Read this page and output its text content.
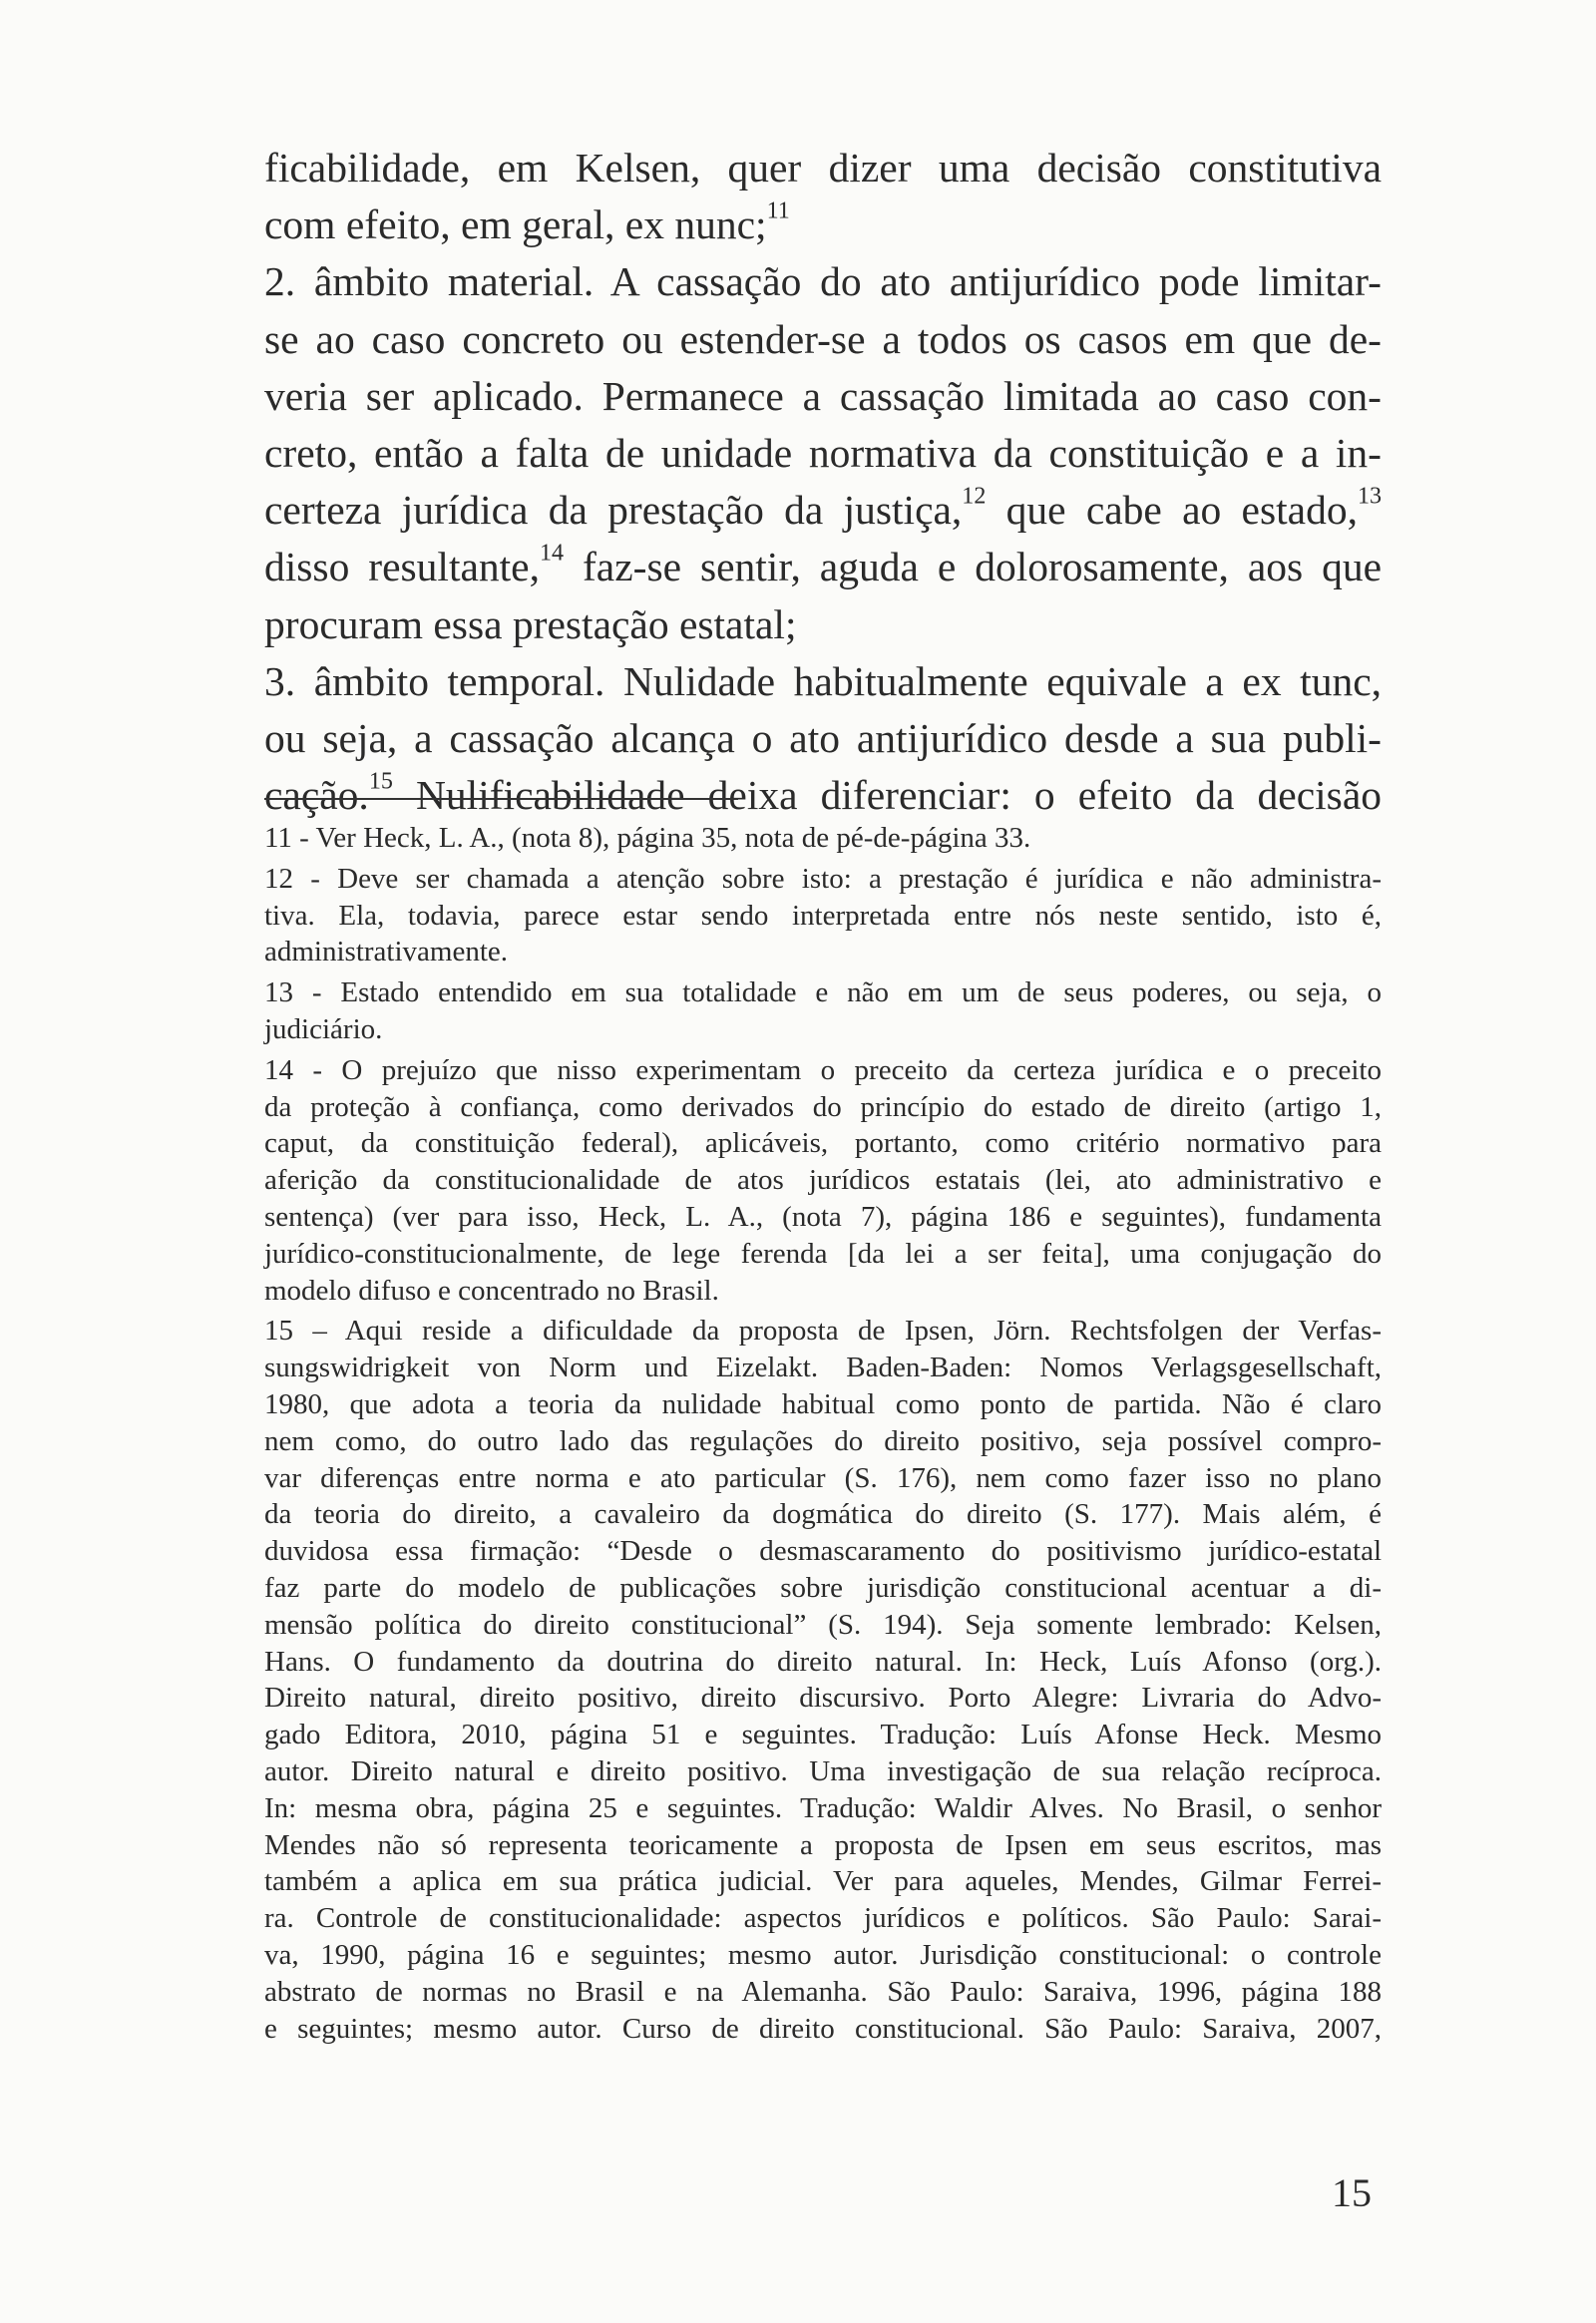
ficabilidade, em Kelsen, quer dizer uma decisão constitutiva
com efeito, em geral, ex nunc;$^{11}$
2. âmbito material. A cassação do ato antijurídico pode limitar-
se ao caso concreto ou estender-se a todos os casos em que de-
veria ser aplicado. Permanece a cassação limitada ao caso con-
creto, então a falta de unidade normativa da constituição e a in-
certeza jurídica da prestação da justiça,$^{12}$ que cabe ao estado,$^{13}$
disso resultante,$^{14}$ faz-se sentir, aguda e dolorosamente, aos que
procuram essa prestação estatal;
3. âmbito temporal. Nulidade habitualmente equivale a ex tunc,
ou seja, a cassação alcança o ato antijurídico desde a sua publi-
cação.$^{15}$ Nulificabilidade deixa diferenciar: o efeito da decisão
11 - Ver Heck, L. A., (nota 8), página 35, nota de pé-de-página 33.
12 - Deve ser chamada a atenção sobre isto: a prestação é jurídica e não administra-
tiva. Ela, todavia, parece estar sendo interpretada entre nós neste sentido, isto é,
administrativamente.
13 - Estado entendido em sua totalidade e não em um de seus poderes, ou seja, o
judiciário.
14 - O prejuízo que nisso experimentam o preceito da certeza jurídica e o preceito
da proteção à confiança, como derivados do princípio do estado de direito (artigo 1,
caput, da constituição federal), aplicáveis, portanto, como critério normativo para
aferição da constitucionalidade de atos jurídicos estatais (lei, ato administrativo e
sentença) (ver para isso, Heck, L. A., (nota 7), página 186 e seguintes), fundamenta
jurídico-constitucionalmente, de lege ferenda [da lei a ser feita], uma conjugação do
modelo difuso e concentrado no Brasil.
15 – Aqui reside a dificuldade da proposta de Ipsen, Jörn. Rechtsfolgen der Verfas-
sungswidrigkeit von Norm und Eizelakt. Baden-Baden: Nomos Verlagsgesellschaft,
1980, que adota a teoria da nulidade habitual como ponto de partida. Não é claro
nem como, do outro lado das regulações do direito positivo, seja possível compro-
var diferenças entre norma e ato particular (S. 176), nem como fazer isso no plano
da teoria do direito, a cavaleiro da dogmática do direito (S. 177). Mais além, é
duvidosa essa firmação: “Desde o desmascaramento do positivismo jurídico-estatal
faz parte do modelo de publicações sobre jurisdição constitucional acentuar a di-
mensão política do direito constitucional” (S. 194). Seja somente lembrado: Kelsen,
Hans. O fundamento da doutrina do direito natural. In: Heck, Luís Afonso (org.).
Direito natural, direito positivo, direito discursivo. Porto Alegre: Livraria do Advo-
gado Editora, 2010, página 51 e seguintes. Tradução: Luís Afonse Heck. Mesmo
autor. Direito natural e direito positivo. Uma investigação de sua relação recíproca.
In: mesma obra, página 25 e seguintes. Tradução: Waldir Alves. No Brasil, o senhor
Mendes não só representa teoricamente a proposta de Ipsen em seus escritos, mas
também a aplica em sua prática judicial. Ver para aqueles, Mendes, Gilmar Ferrei-
ra. Controle de constitucionalidade: aspectos jurídicos e políticos. São Paulo: Sarai-
va, 1990, página 16 e seguintes; mesmo autor. Jurisdição constitucional: o controle
abstrato de normas no Brasil e na Alemanha. São Paulo: Saraiva, 1996, página 188
e seguintes; mesmo autor. Curso de direito constitucional. São Paulo: Saraiva, 2007,
15
